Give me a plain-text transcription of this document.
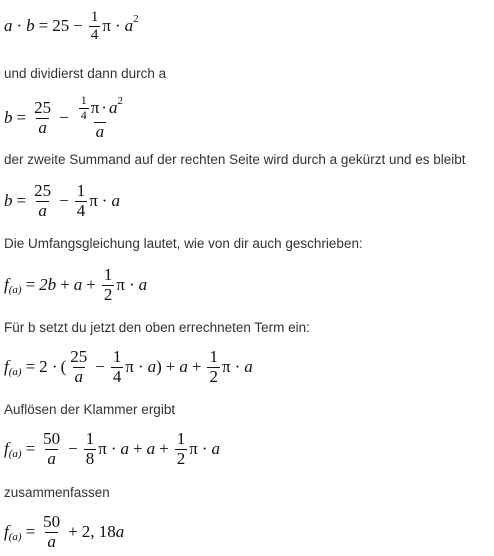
$a \cdot b = 25 - \frac{1}{4}$ π · a 2
und dividierst dann durch a
$b = \frac{25}{a} - \frac{\frac{1}{4} \pi \cdot a 2}{a}$
der zweite Summand auf der rechten Seite wird durch a gekürzt und es bleibt
$b = \frac{25}{a} - \frac{1}{4}$ π · a
Die Umfangsgleichung lautet, wie von dir auch geschrieben:
f $(a) = 2b + a + \frac{1}{2}$ π · a
Für b setzt du jetzt den oben errechneten Term ein:
f (a) = 2 · ( $\frac{25}{a} - \frac{1}{4}$ π · a ) + $a + \frac{1}{2}$ π · a
Auflösen der Klammer ergibt
f $(a) = \frac{50}{a} - \frac{1}{8}$ $\pi \cdot a + a + \frac{1}{2}$ π · a
zusammenfassen
f $(a) = \frac{50}{a} + 2$, 18 a
